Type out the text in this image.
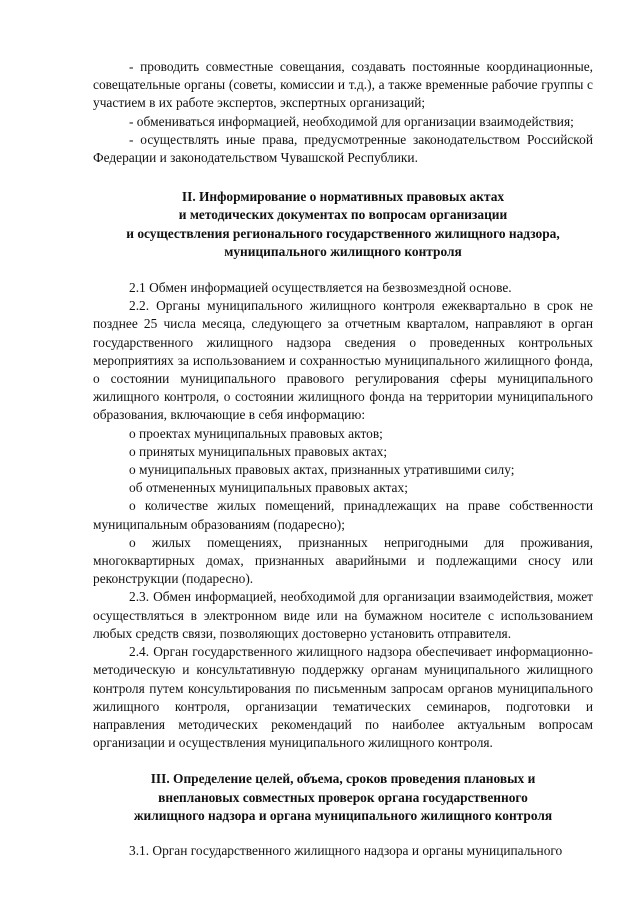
- проводить совместные совещания, создавать постоянные координационные, совещательные органы (советы, комиссии и т.д.), а также временные рабочие группы с участием в их работе экспертов, экспертных организаций;

- обмениваться информацией, необходимой для организации взаимодействия;

- осуществлять иные права, предусмотренные законодательством Российской Федерации и законодательством Чувашской Республики.

II. Информирование о нормативных правовых актах
и методических документах по вопросам организации
и осуществления регионального государственного жилищного надзора,
муниципального жилищного контроля

2.1 Обмен информацией осуществляется на безвозмездной основе.

2.2. Органы муниципального жилищного контроля ежеквартально в срок не позднее 25 числа месяца, следующего за отчетным кварталом, направляют в орган государственного жилищного надзора сведения о проведенных контрольных мероприятиях за использованием и сохранностью муниципального жилищного фонда, о состоянии муниципального правового регулирования сферы муниципального жилищного контроля, о состоянии жилищного фонда на территории муниципального образования, включающие в себя информацию:

о проектах муниципальных правовых актов;

о принятых муниципальных правовых актах;

о муниципальных правовых актах, признанных утратившими силу;

об отмененных муниципальных правовых актах;

о количестве жилых помещений, принадлежащих на праве собственности муниципальным образованиям (подаресно);

о жилых помещениях, признанных непригодными для проживания, многоквартирных домах, признанных аварийными и подлежащими сносу или реконструкции (подаресно).

2.3. Обмен информацией, необходимой для организации взаимодействия, может осуществляться в электронном виде или на бумажном носителе с использованием любых средств связи, позволяющих достоверно установить отправителя.

2.4. Орган государственного жилищного надзора обеспечивает информационно-методическую и консультативную поддержку органам муниципального жилищного контроля путем консультирования по письменным запросам органов муниципального жилищного контроля, организации тематических семинаров, подготовки и направления методических рекомендаций по наиболее актуальным вопросам организации и осуществления муниципального жилищного контроля.

III. Определение целей, объема, сроков проведения плановых и
внеплановых совместных проверок органа государственного
жилищного надзора и органа муниципального жилищного контроля

3.1. Орган государственного жилищного надзора и органы муниципального
